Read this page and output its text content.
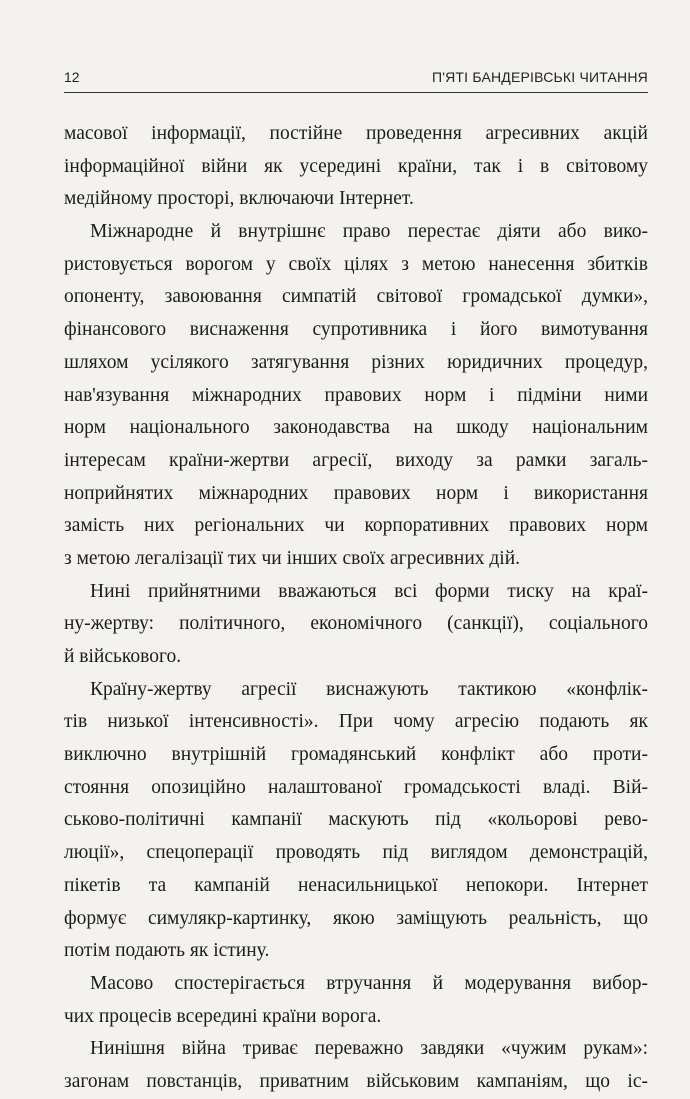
12	П'ЯТІ БАНДЕРІВСЬКІ ЧИТАННЯ
масової інформації, постійне проведення агресивних акцій
інформаційної війни як усередині країни, так і в світовому
медійному просторі, включаючи Інтернет.
Міжнародне й внутрішнє право перестає діяти або вико-
ристовується ворогом у своїх цілях з метою нанесення збитків
опоненту, завоювання симпатій світової громадської думки»,
фінансового виснаження супротивника і його вимотування
шляхом усілякого затягування різних юридичних процедур,
нав'язування міжнародних правових норм і підміни ними
норм національного законодавства на шкоду національним
інтересам країни-жертви агресії, виходу за рамки загаль-
ноприйнятих міжнародних правових норм і використання
замість них регіональних чи корпоративних правових норм
з метою легалізації тих чи інших своїх агресивних дій.
Нині прийнятними вважаються всі форми тиску на краї-
ну-жертву: політичного, економічного (санкції), соціального
й військового.
Країну-жертву агресії виснажують тактикою «конфлік-
тів низької інтенсивності». При чому агресію подають як
виключно внутрішній громадянський конфлікт або проти-
стояння опозиційно налаштованої громадськості владі. Вій-
ськово-політичні кампанії маскують під «кольорові рево-
люції», спецоперації проводять під виглядом демонстрацій,
пікетів та кампаній ненасильницької непокори. Інтернет
формує симулякр-картинку, якою заміщують реальність, що
потім подають як істину.
Масово спостерігається втручання й модерування вибор-
чих процесів всередині країни ворога.
Нинішня війна триває переважно завдяки «чужим рукам»:
загонам повстанців, приватним військовим кампаніям, що іс-
